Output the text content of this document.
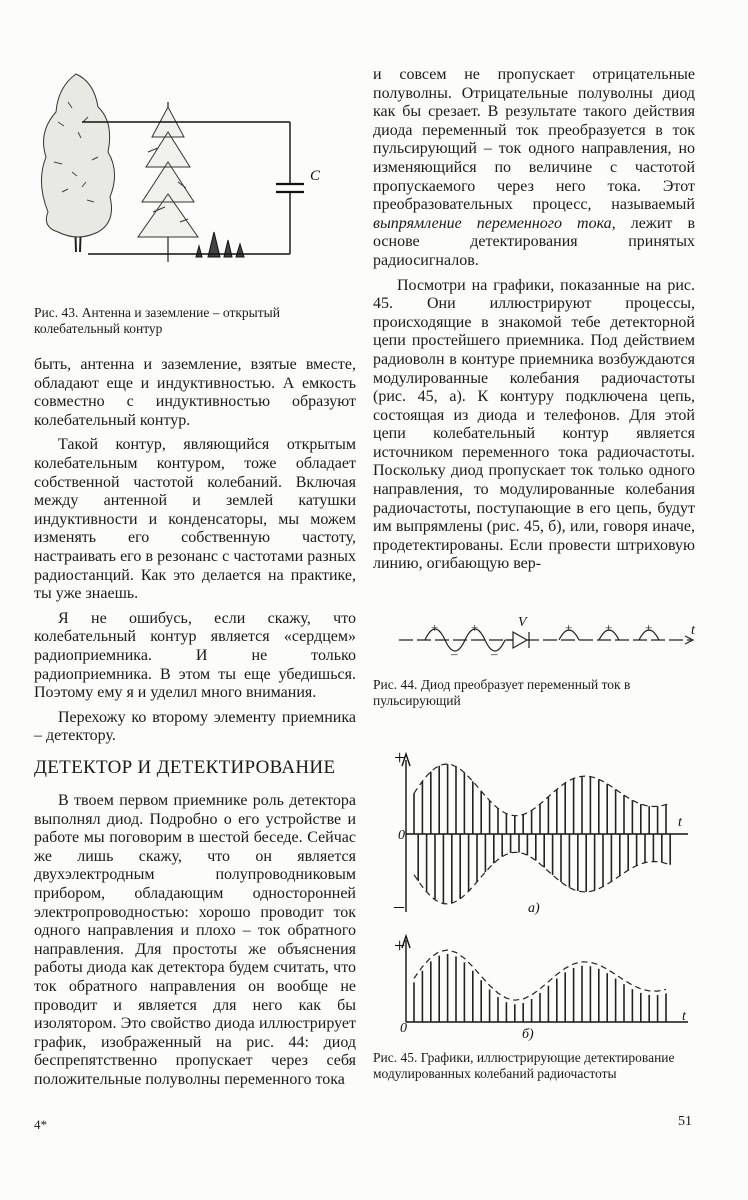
C
Рис. 43. Антенна и заземление – открытый колебательный контур

быть, антенна и заземление, взятые вместе, обладают еще и индуктивностью. А емкость совместно с индуктивностью образуют колебательный контур.

Такой контур, являющийся открытым колебательным контуром, тоже обладает собственной частотой колебаний. Включая между антенной и землей катушки индуктивности и конденсаторы, мы можем изменять его собственную частоту, настраивать его в резонанс с частотами разных радиостанций. Как это делается на практике, ты уже знаешь.

Я не ошибусь, если скажу, что колебательный контур является «сердцем» радиоприемника. И не только радиоприемника. В этом ты еще убедишься. Поэтому ему я и уделил много внимания.

Перехожу ко второму элементу приемника – детектору.

ДЕТЕКТОР И ДЕТЕКТИРОВАНИЕ

В твоем первом приемнике роль детектора выполнял диод. Подробно о его устройстве и работе мы поговорим в шестой беседе. Сейчас же лишь скажу, что он является двухэлектродным полупроводниковым прибором, обладающим односторонней электропроводностью: хорошо проводит ток одного направления и плохо – ток обратного направления. Для простоты же объяснения работы диода как детектора будем считать, что ток обратного направления он вообще не проводит и является для него как бы изолятором. Это свойство диода иллюстрирует график, изображенный на рис. 44: диод беспрепятственно пропускает через себя положительные полуволны переменного тока

и совсем не пропускает отрицательные полуволны. Отрицательные полуволны диод как бы срезает. В результате такого действия диода переменный ток преобразуется в ток пульсирующий – ток одного направления, но изменяющийся по величине с частотой пропускаемого через него тока. Этот преобразовательных процесс, называемый выпрямление переменного тока, лежит в основе детектирования принятых радиосигналов.

Посмотри на графики, показанные на рис. 45. Они иллюстрируют процессы, происходящие в знакомой тебе детекторной цепи простейшего приемника. Под действием радиоволн в контуре приемника возбуждаются модулированные колебания радиочастоты (рис. 45, а). К контуру подключена цепь, состоящая из диода и телефонов. Для этой цепи колебательный контур является источником переменного тока радиочастоты. Поскольку диод пропускает ток только одного направления, то модулированные колебания радиочастоты, поступающие в его цепь, будут им выпрямлены (рис. 45, б), или, говоря иначе, продетектированы. Если провести штриховую линию, огибающую вер-

+
–
+
–
+	+	+
V
t
Рис. 44. Диод преобразует переменный ток в пульсирующий
+
–
0
t
a)
+
0
t
б)
Рис. 45. Графики, иллюстрирующие детектирование модулированных колебаний радиочастоты
4*	51
